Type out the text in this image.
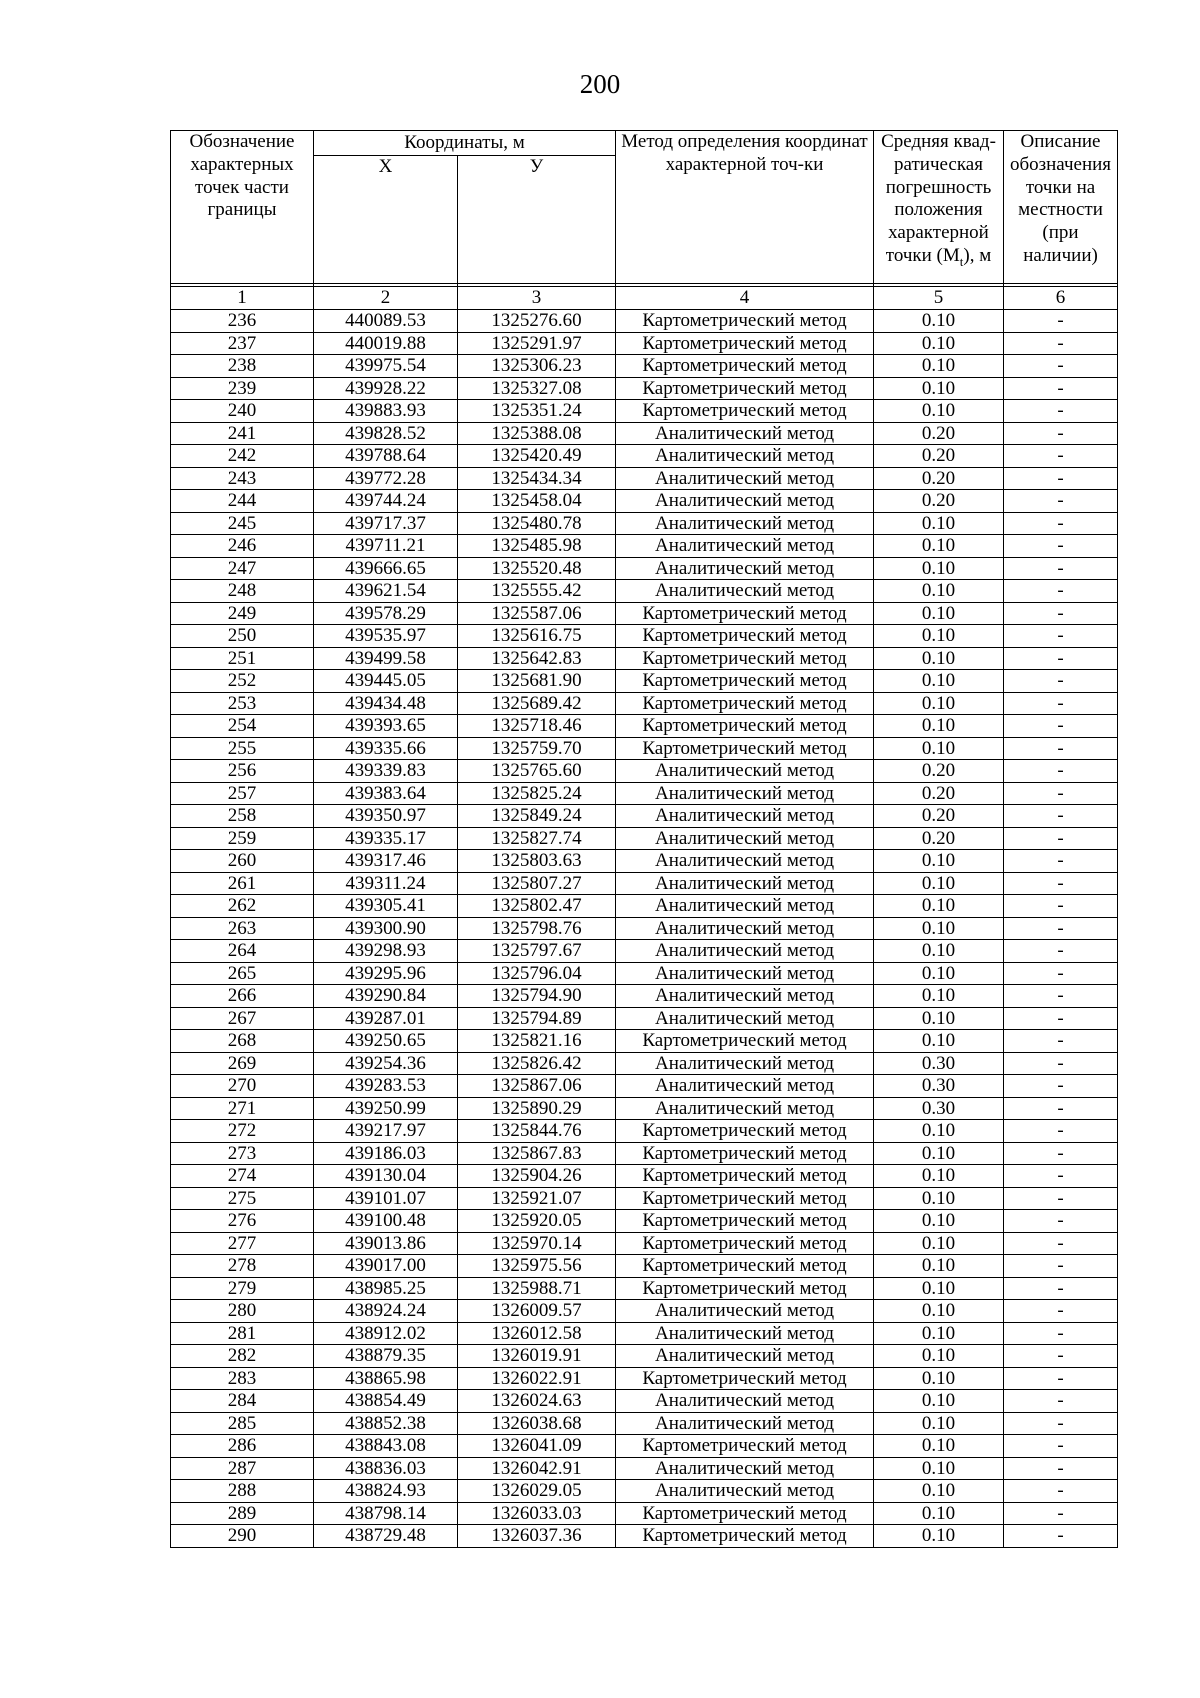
200
Обозначение характерных точек части границы	Координаты, м		Метод определения координат характерной точ-ки	Средняя квад-ратическая погрешность положения характерной точки $(M_t)$, м	Описание обозначения точки на местности (при наличии)
	Х	У			

1	2	3	4	5	6
236	440089.53	1325276.60	Картометрический метод	0.10	-
237	440019.88	1325291.97	Картометрический метод	0.10	-
238	439975.54	1325306.23	Картометрический метод	0.10	-
239	439928.22	1325327.08	Картометрический метод	0.10	-
240	439883.93	1325351.24	Картометрический метод	0.10	-
241	439828.52	1325388.08	Аналитический метод	0.20	-
242	439788.64	1325420.49	Аналитический метод	0.20	-
243	439772.28	1325434.34	Аналитический метод	0.20	-
244	439744.24	1325458.04	Аналитический метод	0.20	-
245	439717.37	1325480.78	Аналитический метод	0.10	-
246	439711.21	1325485.98	Аналитический метод	0.10	-
247	439666.65	1325520.48	Аналитический метод	0.10	-
248	439621.54	1325555.42	Аналитический метод	0.10	-
249	439578.29	1325587.06	Картометрический метод	0.10	-
250	439535.97	1325616.75	Картометрический метод	0.10	-
251	439499.58	1325642.83	Картометрический метод	0.10	-
252	439445.05	1325681.90	Картометрический метод	0.10	-
253	439434.48	1325689.42	Картометрический метод	0.10	-
254	439393.65	1325718.46	Картометрический метод	0.10	-
255	439335.66	1325759.70	Картометрический метод	0.10	-
256	439339.83	1325765.60	Аналитический метод	0.20	-
257	439383.64	1325825.24	Аналитический метод	0.20	-
258	439350.97	1325849.24	Аналитический метод	0.20	-
259	439335.17	1325827.74	Аналитический метод	0.20	-
260	439317.46	1325803.63	Аналитический метод	0.10	-
261	439311.24	1325807.27	Аналитический метод	0.10	-
262	439305.41	1325802.47	Аналитический метод	0.10	-
263	439300.90	1325798.76	Аналитический метод	0.10	-
264	439298.93	1325797.67	Аналитический метод	0.10	-
265	439295.96	1325796.04	Аналитический метод	0.10	-
266	439290.84	1325794.90	Аналитический метод	0.10	-
267	439287.01	1325794.89	Аналитический метод	0.10	-
268	439250.65	1325821.16	Картометрический метод	0.10	-
269	439254.36	1325826.42	Аналитический метод	0.30	-
270	439283.53	1325867.06	Аналитический метод	0.30	-
271	439250.99	1325890.29	Аналитический метод	0.30	-
272	439217.97	1325844.76	Картометрический метод	0.10	-
273	439186.03	1325867.83	Картометрический метод	0.10	-
274	439130.04	1325904.26	Картометрический метод	0.10	-
275	439101.07	1325921.07	Картометрический метод	0.10	-
276	439100.48	1325920.05	Картометрический метод	0.10	-
277	439013.86	1325970.14	Картометрический метод	0.10	-
278	439017.00	1325975.56	Картометрический метод	0.10	-
279	438985.25	1325988.71	Картометрический метод	0.10	-
280	438924.24	1326009.57	Аналитический метод	0.10	-
281	438912.02	1326012.58	Аналитический метод	0.10	-
282	438879.35	1326019.91	Аналитический метод	0.10	-
283	438865.98	1326022.91	Картометрический метод	0.10	-
284	438854.49	1326024.63	Аналитический метод	0.10	-
285	438852.38	1326038.68	Аналитический метод	0.10	-
286	438843.08	1326041.09	Картометрический метод	0.10	-
287	438836.03	1326042.91	Аналитический метод	0.10	-
288	438824.93	1326029.05	Аналитический метод	0.10	-
289	438798.14	1326033.03	Картометрический метод	0.10	-
290	438729.48	1326037.36	Картометрический метод	0.10	-
